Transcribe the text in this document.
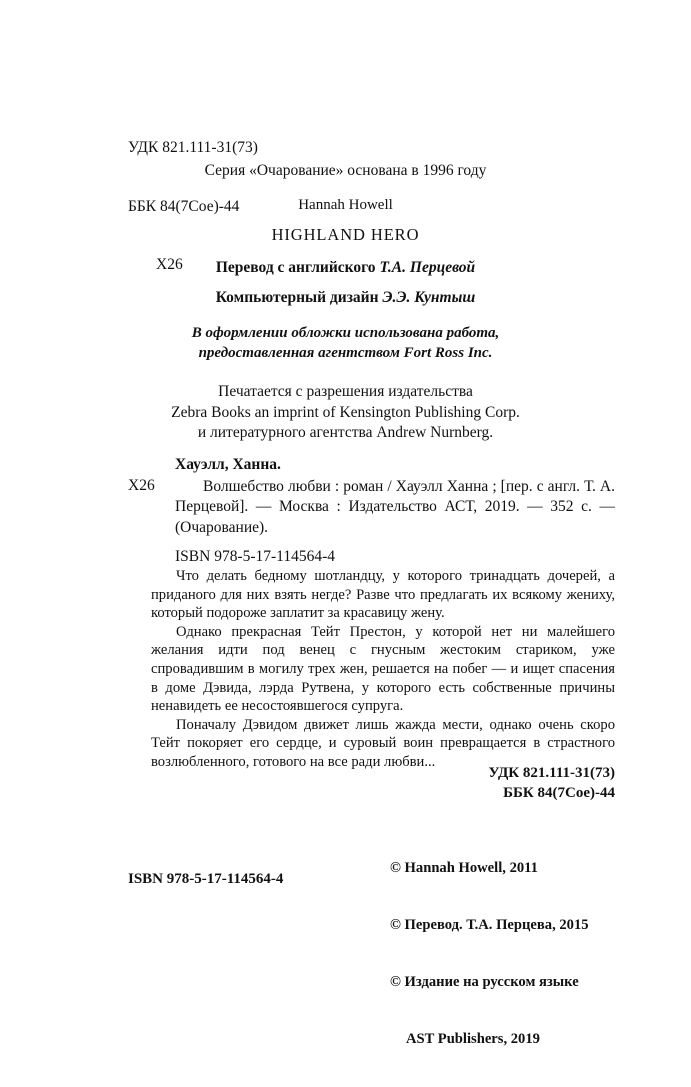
УДК 821.111-31(73)

ББК 84(7Сое)-44

X26

Серия «Очарование» основана в 1996 году
Hannah Howell
HIGHLAND HERO
Перевод с английского Т.А. Перцевой
Компьютерный дизайн Э.Э. Кунтыш
В оформлении обложки использована работа,
предоставленная агентством Fort Ross Inc.
Печатается с разрешения издательства
Zebra Books an imprint of Kensington Publishing Corp.
и литературного агентства Andrew Nurnberg.
X26
Хауэлл, Ханна.
Волшебство любви : роман / Хауэлл Ханна ; [пер. с англ. Т. А. Перцевой]. — Москва : Издательство АСТ, 2019. — 352 с. — (Очарование).
ISBN 978-5-17-114564-4

Что делать бедному шотландцу, у которого тринадцать дочерей, а приданого для них взять негде? Разве что предлагать их всякому жениху, который подороже заплатит за красавицу жену.

Однако прекрасная Тейт Престон, у которой нет ни малейшего желания идти под венец с гнусным жестоким стариком, уже спровадившим в могилу трех жен, решается на побег — и ищет спасения в доме Дэвида, лэрда Рутвена, у которого есть собственные причины ненавидеть ее несостоявшегося супруга.

Поначалу Дэвидом движет лишь жажда мести, однако очень скоро Тейт покоряет его сердце, и суровый воин превращается в страстного возлюбленного, готового на все ради любви...

УДК 821.111-31(73)
ББК 84(7Сое)-44

© Hannah Howell, 2011

© Перевод. Т.А. Перцева, 2015

© Издание на русском языке

AST Publishers, 2019

ISBN 978-5-17-114564-4
